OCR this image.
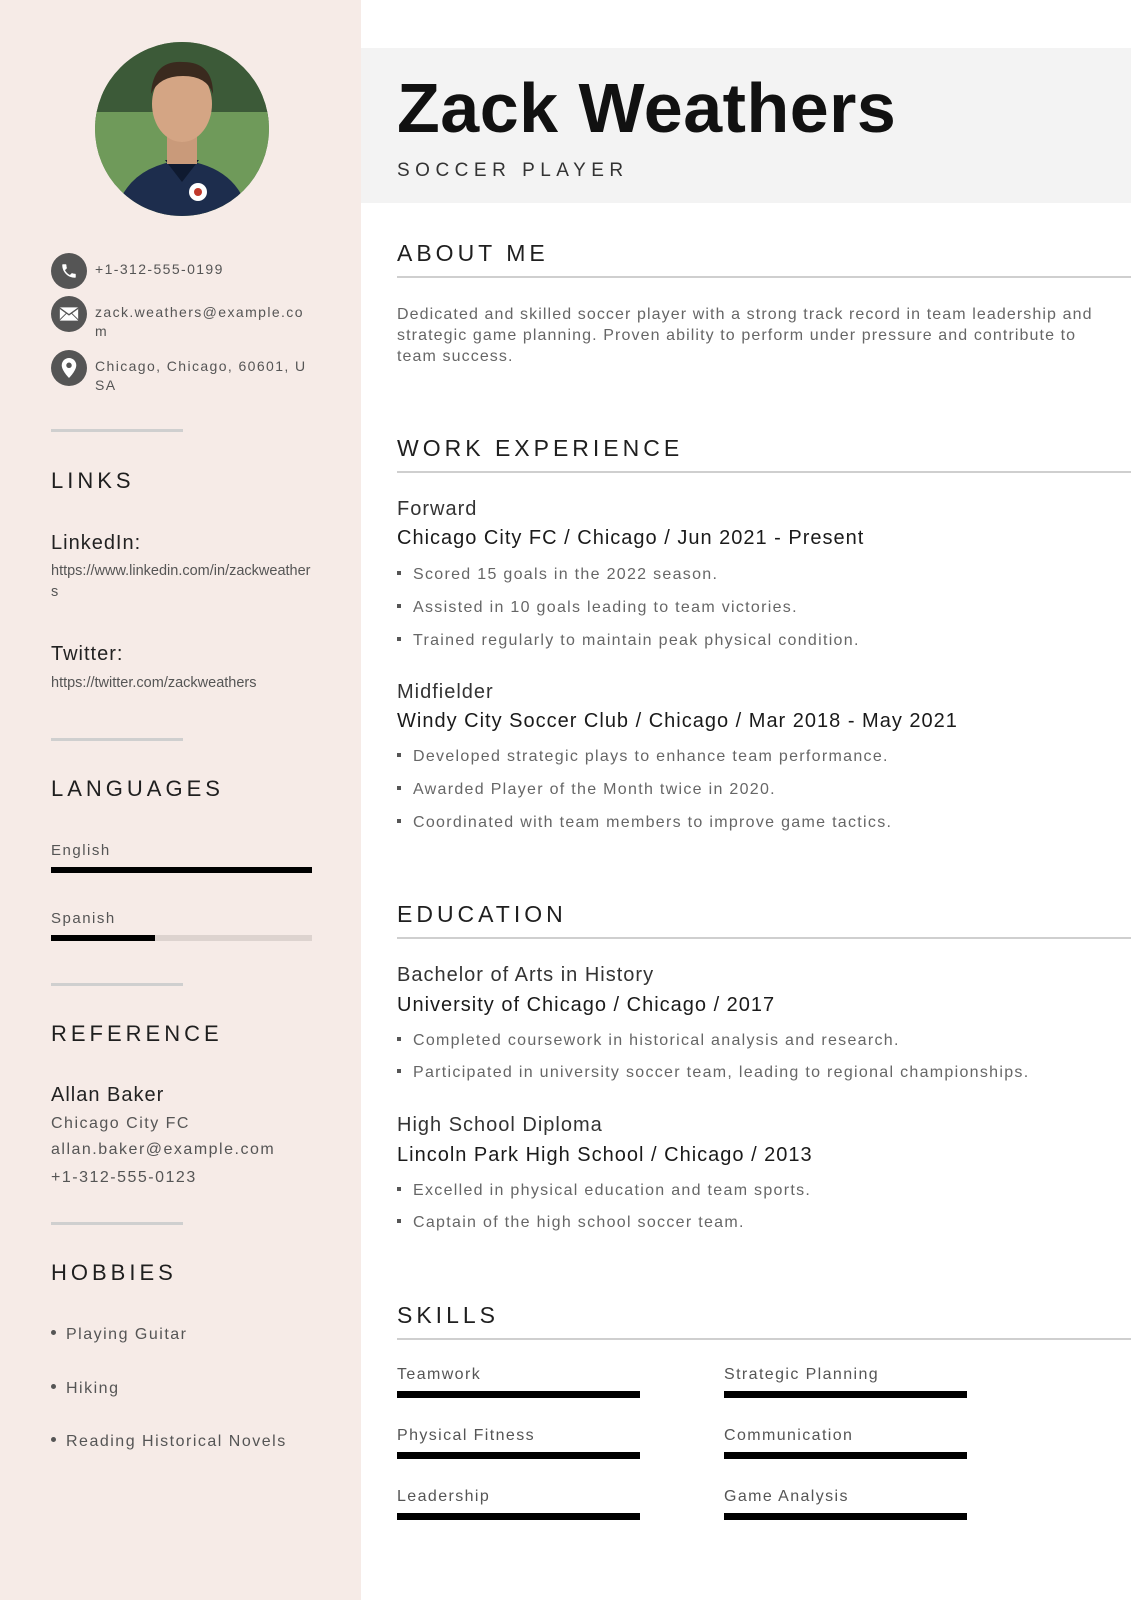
+1-312-555-0199
zack.weathers@example.com
Chicago, Chicago, 60601, USA
LINKS
LinkedIn:
https://www.linkedin.com/in/zackweathers
Twitter:
https://twitter.com/zackweathers
LANGUAGES
English
Spanish
REFERENCE
Allan Baker
Chicago City FC
allan.baker@example.com
+1-312-555-0123
HOBBIES
Playing Guitar
Hiking
Reading Historical Novels
Zack Weathers
SOCCER PLAYER
ABOUT ME
Dedicated and skilled soccer player with a strong track record in team leadership and strategic game planning. Proven ability to perform under pressure and contribute to team success.
WORK EXPERIENCE
Forward
Chicago City FC / Chicago / Jun 2021 - Present
Scored 15 goals in the 2022 season.
Assisted in 10 goals leading to team victories.
Trained regularly to maintain peak physical condition.
Midfielder
Windy City Soccer Club / Chicago / Mar 2018 - May 2021
Developed strategic plays to enhance team performance.
Awarded Player of the Month twice in 2020.
Coordinated with team members to improve game tactics.
EDUCATION
Bachelor of Arts in History
University of Chicago / Chicago / 2017
Completed coursework in historical analysis and research.
Participated in university soccer team, leading to regional championships.
High School Diploma
Lincoln Park High School / Chicago / 2013
Excelled in physical education and team sports.
Captain of the high school soccer team.
SKILLS
Teamwork	Strategic Planning
Physical Fitness	Communication
Leadership	Game Analysis
